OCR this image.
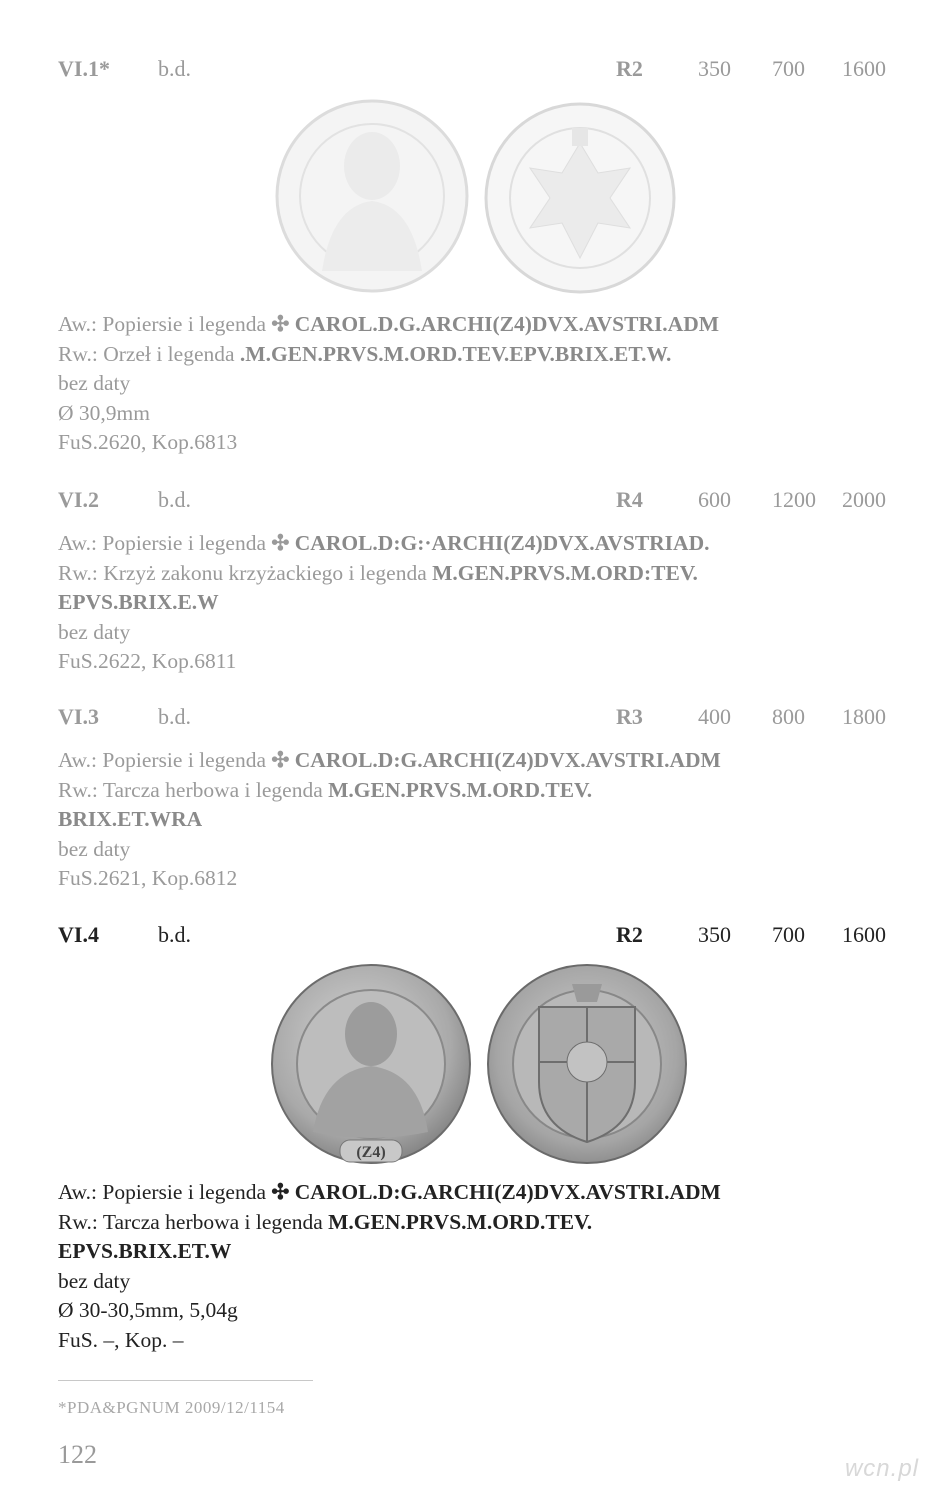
VI.1* b.d.	R2	350 700 1600
Aw.: Popiersie i legenda ✣ CAROL.D.G.ARCHI(Z4)DVX.AVSTRI.ADM
Rw.: Orzeł i legenda .M.GEN.PRVS.M.ORD.TEV.EPV.BRIX.ET.W.
bez daty
Ø 30,9mm
FuS.2620, Kop.6813
VI.2	b.d.	R4	600 1200 2000
Aw.: Popiersie i legenda ✣ CAROL.D:G:·ARCHI(Z4)DVX.AVSTRIAD.
Rw.: Krzyż zakonu krzyżackiego i legenda M.GEN.PRVS.M.ORD:TEV.
EPVS.BRIX.E.W
bez daty
FuS.2622, Kop.6811
VI.3	b.d.	R3	400 800 1800
Aw.: Popiersie i legenda ✣ CAROL.D:G.ARCHI(Z4)DVX.AVSTRI.ADM
Rw.: Tarcza herbowa i legenda M.GEN.PRVS.M.ORD.TEV.
BRIX.ET.WRA
bez daty
FuS.2621, Kop.6812
VI.4	b.d.	R2	350 700 1600
(Z4)
Aw.: Popiersie i legenda ✣ CAROL.D:G.ARCHI(Z4)DVX.AVSTRI.ADM
Rw.: Tarcza herbowa i legenda M.GEN.PRVS.M.ORD.TEV.
EPVS.BRIX.ET.W
bez daty
Ø 30-30,5mm, 5,04g
FuS. –, Kop. –
*PDA&PGNUM 2009/12/1154
122	wcn.pl
